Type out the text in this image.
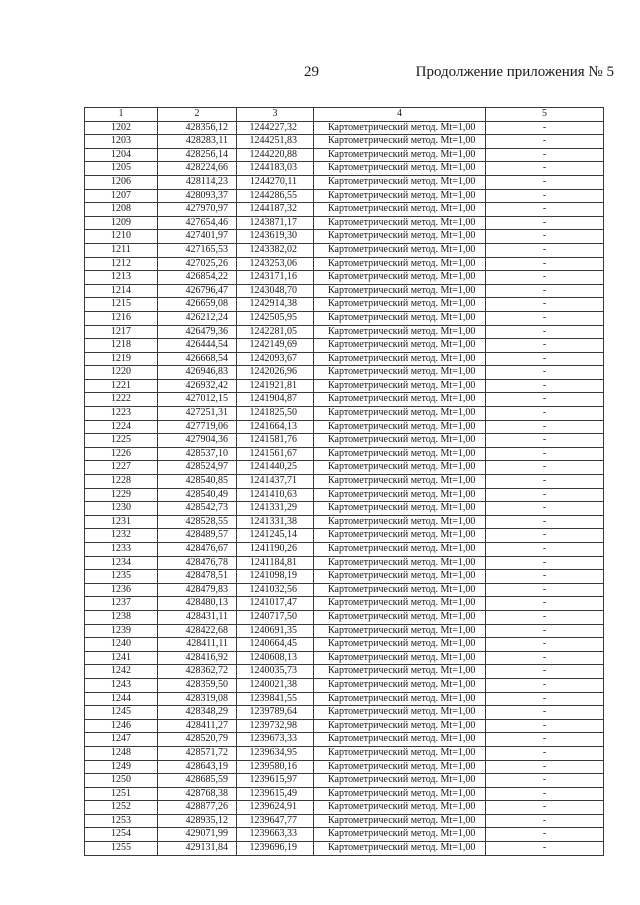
29	Продолжение приложения № 5
1	2	3	4	5
1202	428356,12	1244227,32	Картометрический метод. Mt=1,00	-
1203	428283,11	1244251,83	Картометрический метод. Mt=1,00	-
1204	428256,14	1244220,88	Картометрический метод. Mt=1,00	-
1205	428224,66	1244183,03	Картометрический метод. Mt=1,00	-
1206	428114,23	1244270,11	Картометрический метод. Mt=1,00	-
1207	428093,37	1244286,55	Картометрический метод. Mt=1,00	-
1208	427970,97	1244187,32	Картометрический метод. Mt=1,00	-
1209	427654,46	1243871,17	Картометрический метод. Mt=1,00	-
1210	427401,97	1243619,30	Картометрический метод. Mt=1,00	-
1211	427165,53	1243382,02	Картометрический метод. Mt=1,00	-
1212	427025,26	1243253,06	Картометрический метод. Mt=1,00	-
1213	426854,22	1243171,16	Картометрический метод. Mt=1,00	-
1214	426796,47	1243048,70	Картометрический метод. Mt=1,00	-
1215	426659,08	1242914,38	Картометрический метод. Mt=1,00	-
1216	426212,24	1242505,95	Картометрический метод. Mt=1,00	-
1217	426479,36	1242281,05	Картометрический метод. Mt=1,00	-
1218	426444,54	1242149,69	Картометрический метод. Mt=1,00	-
1219	426668,54	1242093,67	Картометрический метод. Mt=1,00	-
1220	426946,83	1242026,96	Картометрический метод. Mt=1,00	-
1221	426932,42	1241921,81	Картометрический метод. Mt=1,00	-
1222	427012,15	1241904,87	Картометрический метод. Mt=1,00	-
1223	427251,31	1241825,50	Картометрический метод. Mt=1,00	-
1224	427719,06	1241664,13	Картометрический метод. Mt=1,00	-
1225	427904,36	1241581,76	Картометрический метод. Mt=1,00	-
1226	428537,10	1241561,67	Картометрический метод. Mt=1,00	-
1227	428524,97	1241440,25	Картометрический метод. Mt=1,00	-
1228	428540,85	1241437,71	Картометрический метод. Mt=1,00	-
1229	428540,49	1241410,63	Картометрический метод. Mt=1,00	-
1230	428542,73	1241331,29	Картометрический метод. Mt=1,00	-
1231	428528,55	1241331,38	Картометрический метод. Mt=1,00	-
1232	428489,57	1241245,14	Картометрический метод. Mt=1,00	-
1233	428476,67	1241190,26	Картометрический метод. Mt=1,00	-
1234	428476,78	1241184,81	Картометрический метод. Mt=1,00	-
1235	428478,51	1241098,19	Картометрический метод. Mt=1,00	-
1236	428479,83	1241032,56	Картометрический метод. Mt=1,00	-
1237	428480,13	1241017,47	Картометрический метод. Mt=1,00	-
1238	428431,11	1240717,50	Картометрический метод. Mt=1,00	-
1239	428422,68	1240691,35	Картометрический метод. Mt=1,00	-
1240	428411,11	1240664,45	Картометрический метод. Mt=1,00	-
1241	428416,92	1240608,13	Картометрический метод. Mt=1,00	-
1242	428362,72	1240035,73	Картометрический метод. Mt=1,00	-
1243	428359,50	1240021,38	Картометрический метод. Mt=1,00	-
1244	428319,08	1239841,55	Картометрический метод. Mt=1,00	-
1245	428348,29	1239789,64	Картометрический метод. Mt=1,00	-
1246	428411,27	1239732,98	Картометрический метод. Mt=1,00	-
1247	428520,79	1239673,33	Картометрический метод. Mt=1,00	-
1248	428571,72	1239634,95	Картометрический метод. Mt=1,00	-
1249	428643,19	1239580,16	Картометрический метод. Mt=1,00	-
1250	428685,59	1239615,97	Картометрический метод. Mt=1,00	-
1251	428768,38	1239615,49	Картометрический метод. Mt=1,00	-
1252	428877,26	1239624,91	Картометрический метод. Mt=1,00	-
1253	428935,12	1239647,77	Картометрический метод. Mt=1,00	-
1254	429071,99	1239663,33	Картометрический метод. Mt=1,00	-
1255	429131,84	1239696,19	Картометрический метод. Mt=1,00	-
